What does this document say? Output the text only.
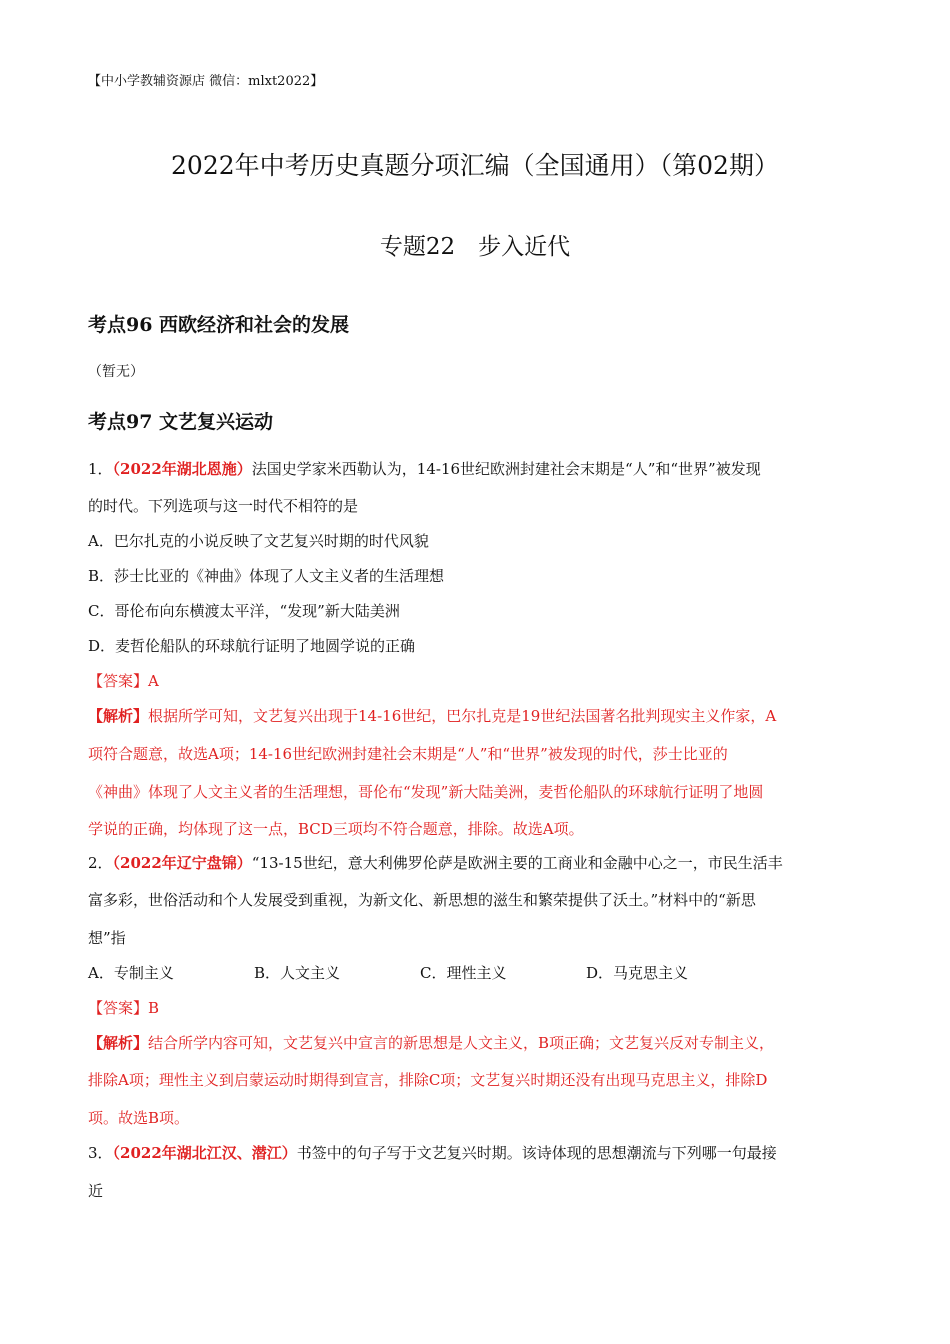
【中小学教辅资源店 微信：mlxt2022】
2022年中考历史真题分项汇编（全国通用）（第02期）
专题22　步入近代
考点96 西欧经济和社会的发展
（暂无）
考点97 文艺复兴运动
1．（2022年湖北恩施）法国史学家米西勒认为，14-16世纪欧洲封建社会末期是“人”和“世界”被发现
的时代。下列选项与这一时代不相符的是
A．巴尔扎克的小说反映了文艺复兴时期的时代风貌
B．莎士比亚的《神曲》体现了人文主义者的生活理想
C．哥伦布向东横渡太平洋，“发现”新大陆美洲
D．麦哲伦船队的环球航行证明了地圆学说的正确
【答案】A
【解析】根据所学可知，文艺复兴出现于14-16世纪，巴尔扎克是19世纪法国著名批判现实主义作家，A
项符合题意，故选A项；14-16世纪欧洲封建社会末期是“人”和“世界”被发现的时代，莎士比亚的
《神曲》体现了人文主义者的生活理想，哥伦布“发现”新大陆美洲，麦哲伦船队的环球航行证明了地圆
学说的正确，均体现了这一点，BCD三项均不符合题意，排除。故选A项。
2．（2022年辽宁盘锦）“13-15世纪，意大利佛罗伦萨是欧洲主要的工商业和金融中心之一，市民生活丰
富多彩，世俗活动和个人发展受到重视，为新文化、新思想的滋生和繁荣提供了沃土。”材料中的“新思
想”指
A．专制主义	B．人文主义	C．理性主义	D．马克思主义
【答案】B
【解析】结合所学内容可知，文艺复兴中宣言的新思想是人文主义，B项正确；文艺复兴反对专制主义，
排除A项；理性主义到启蒙运动时期得到宣言，排除C项；文艺复兴时期还没有出现马克思主义，排除D
项。故选B项。
3．（2022年湖北江汉、潜江）书签中的句子写于文艺复兴时期。该诗体现的思想潮流与下列哪一句最接
近
